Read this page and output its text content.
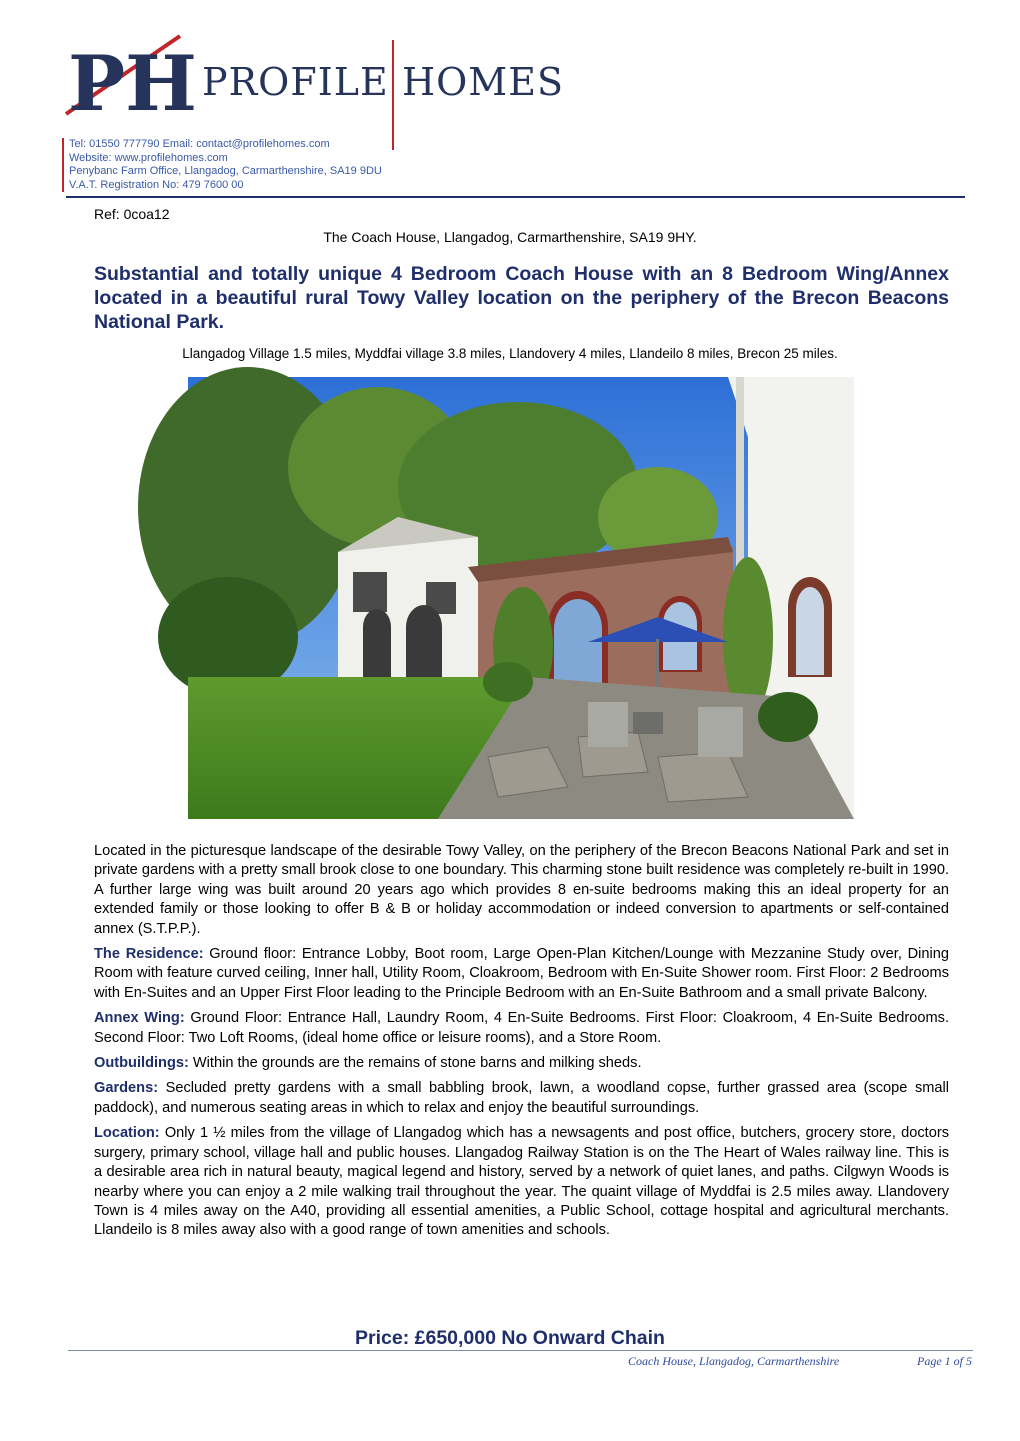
PH PROFILE HOMES
Tel: 01550 777790 Email: contact@profilehomes.com
Website: www.profilehomes.com
Penybanc Farm Office, Llangadog, Carmarthenshire, SA19 9DU
V.A.T. Registration No: 479 7600 00
Ref: 0coa12
The Coach House, Llangadog, Carmarthenshire, SA19 9HY.
Substantial and totally unique 4 Bedroom Coach House with an 8 Bedroom Wing/Annex located in a beautiful rural Towy Valley location on the periphery of the Brecon Beacons National Park.
Llangadog Village 1.5 miles, Myddfai village 3.8 miles, Llandovery 4 miles, Llandeilo 8 miles, Brecon 25 miles.

Located in the picturesque landscape of the desirable Towy Valley, on the periphery of the Brecon Beacons National Park and set in private gardens with a pretty small brook close to one boundary. This charming stone built residence was completely re-built in 1990. A further large wing was built around 20 years ago which provides 8 en-suite bedrooms making this an ideal property for an extended family or those looking to offer B & B or holiday accommodation or indeed conversion to apartments or self-contained annex (S.T.P.P.).

The Residence: Ground floor: Entrance Lobby, Boot room, Large Open-Plan Kitchen/Lounge with Mezzanine Study over, Dining Room with feature curved ceiling, Inner hall, Utility Room, Cloakroom, Bedroom with En-Suite Shower room. First Floor: 2 Bedrooms with En-Suites and an Upper First Floor leading to the Principle Bedroom with an En-Suite Bathroom and a small private Balcony.

Annex Wing: Ground Floor: Entrance Hall, Laundry Room, 4 En-Suite Bedrooms. First Floor: Cloakroom, 4 En-Suite Bedrooms. Second Floor: Two Loft Rooms, (ideal home office or leisure rooms), and a Store Room.

Outbuildings: Within the grounds are the remains of stone barns and milking sheds.

Gardens: Secluded pretty gardens with a small babbling brook, lawn, a woodland copse, further grassed area (scope small paddock), and numerous seating areas in which to relax and enjoy the beautiful surroundings.

Location: Only 1 ½ miles from the village of Llangadog which has a newsagents and post office, butchers, grocery store, doctors surgery, primary school, village hall and public houses. Llangadog Railway Station is on the The Heart of Wales railway line. This is a desirable area rich in natural beauty, magical legend and history, served by a network of quiet lanes, and paths. Cilgwyn Woods is nearby where you can enjoy a 2 mile walking trail throughout the year. The quaint village of Myddfai is 2.5 miles away. Llandovery Town is 4 miles away on the A40, providing all essential amenities, a Public School, cottage hospital and agricultural merchants. Llandeilo is 8 miles away also with a good range of town amenities and schools.

Price: £650,000 No Onward Chain
Coach House, Llangadog, Carmarthenshire	Page 1 of 5
